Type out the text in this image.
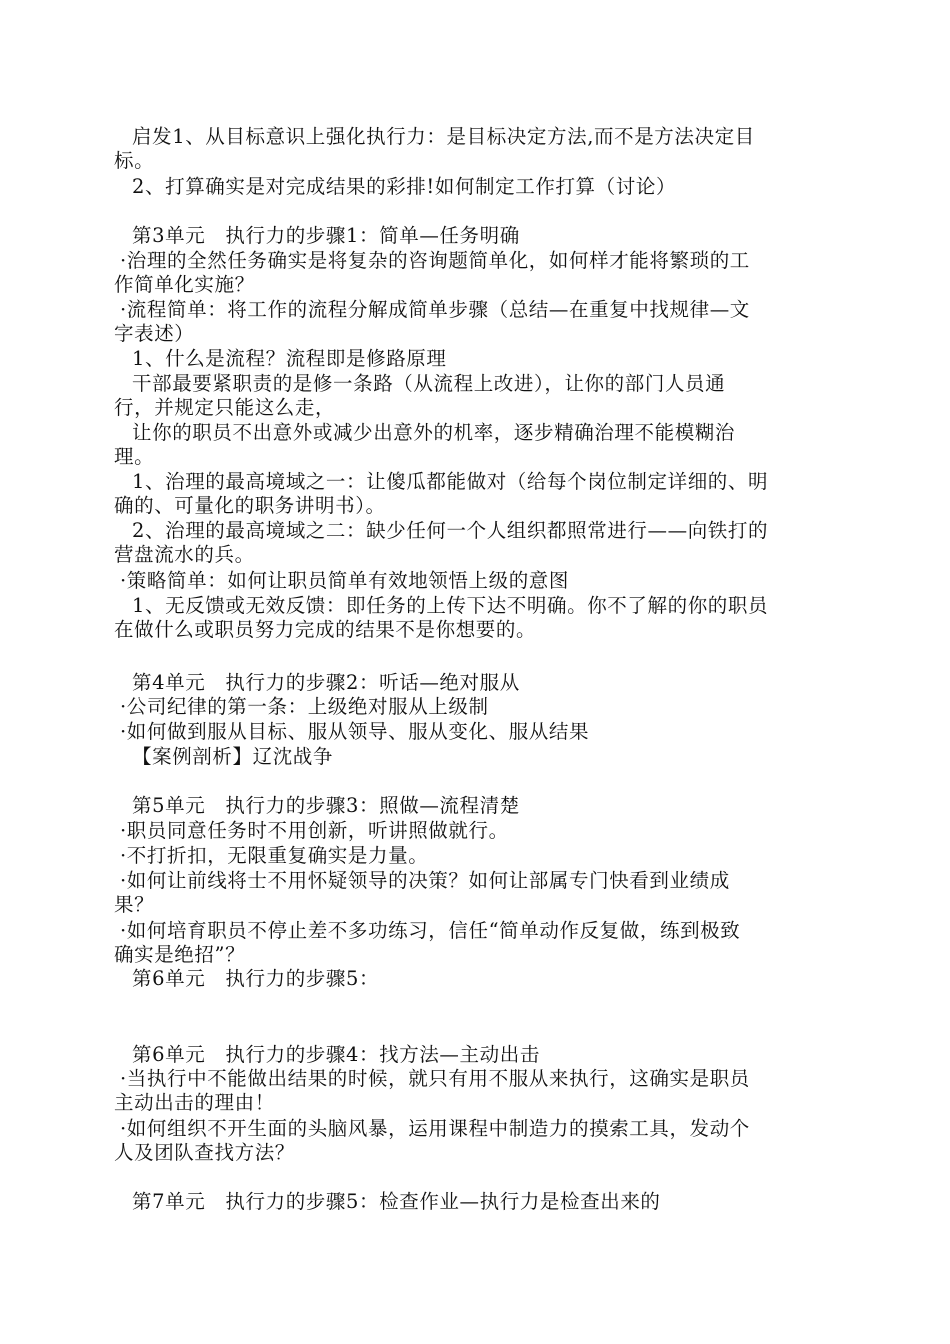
启发1、从目标意识上强化执行力：是目标决定方法,而不是方法决定目
标。
2、打算确实是对完成结果的彩排!如何制定工作打算（讨论）
第3单元　执行力的步骤1：简单—任务明确
·治理的全然任务确实是将复杂的咨询题简单化，如何样才能将繁琐的工
作简单化实施？
·流程简单：将工作的流程分解成简单步骤（总结—在重复中找规律—文
字表述）
1、什么是流程？流程即是修路原理
干部最要紧职责的是修一条路（从流程上改进），让你的部门人员通
行，并规定只能这么走，
让你的职员不出意外或减少出意外的机率，逐步精确治理不能模糊治
理。
1、治理的最高境域之一：让傻瓜都能做对（给每个岗位制定详细的、明
确的、可量化的职务讲明书）。
2、治理的最高境域之二：缺少任何一个人组织都照常进行——向铁打的
营盘流水的兵。
·策略简单：如何让职员简单有效地领悟上级的意图
1、无反馈或无效反馈：即任务的上传下达不明确。你不了解的你的职员
在做什么或职员努力完成的结果不是你想要的。
第4单元　执行力的步骤2：听话—绝对服从
·公司纪律的第一条：上级绝对服从上级制
·如何做到服从目标、服从领导、服从变化、服从结果
【案例剖析】辽沈战争
第5单元　执行力的步骤3：照做—流程清楚
·职员同意任务时不用创新，听讲照做就行。
·不打折扣，无限重复确实是力量。
·如何让前线将士不用怀疑领导的决策？如何让部属专门快看到业绩成
果？
·如何培育职员不停止差不多功练习，信任“简单动作反复做，练到极致
确实是绝招”？
第6单元　执行力的步骤5：
第6单元　执行力的步骤4：找方法—主动出击
·当执行中不能做出结果的时候，就只有用不服从来执行，这确实是职员
主动出击的理由！
·如何组织不开生面的头脑风暴，运用课程中制造力的摸索工具，发动个
人及团队查找方法？
第7单元　执行力的步骤5：检查作业—执行力是检查出来的
